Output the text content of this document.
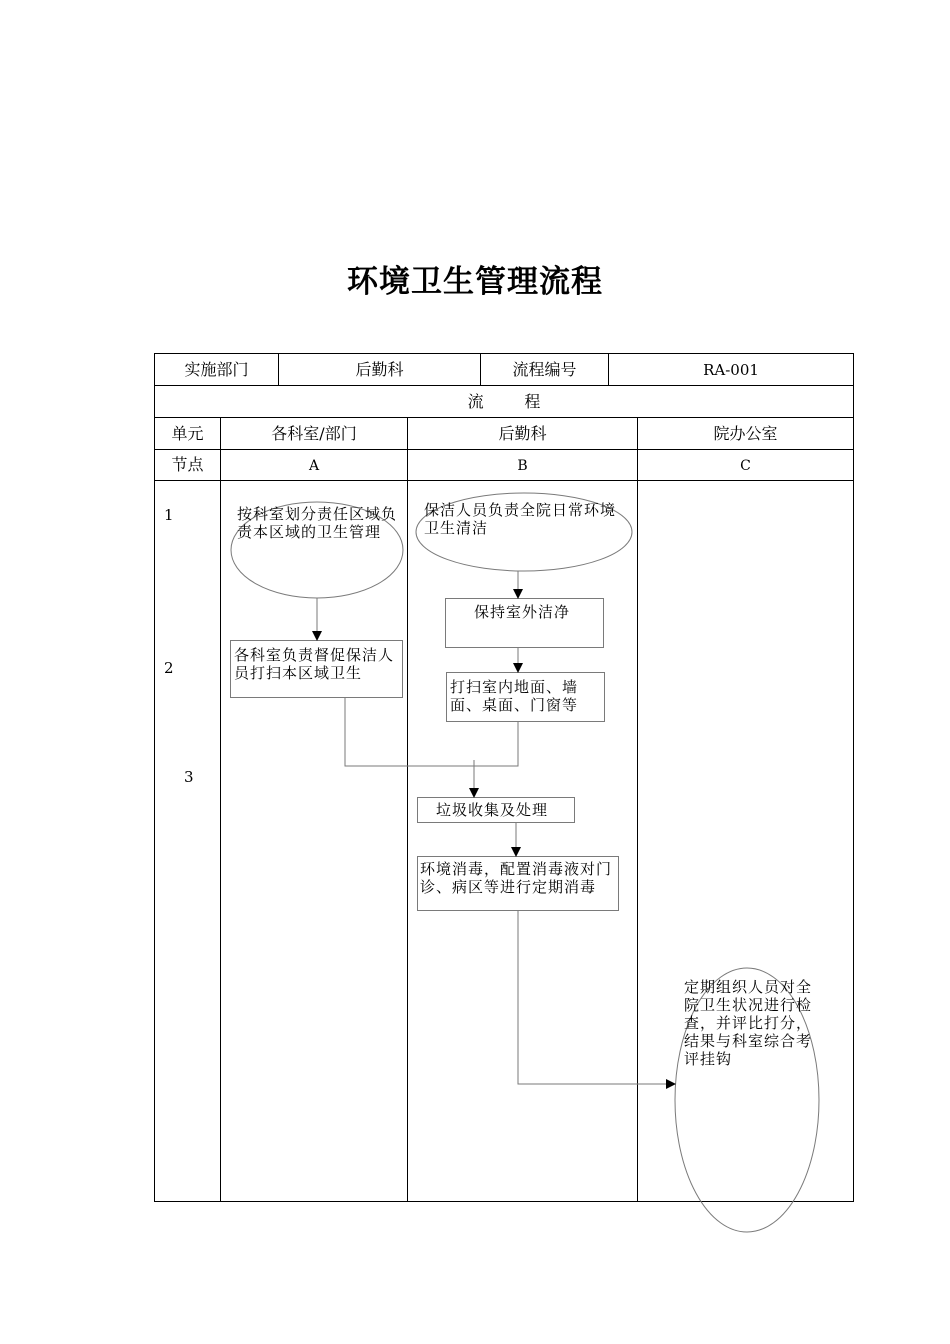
环境卫生管理流程
实施部门	后勤科	流程编号	RA-001
流        程
单元	各科室/部门	后勤科	院办公室
节点	A	B	C
1
2
3
按科室划分责任区域负责本区域的卫生管理
各科室负责督促保洁人员打扫本区域卫生
保洁人员负责全院日常环境卫生清洁
保持室外洁净
打扫室内地面、墙面、桌面、门窗等
垃圾收集及处理
环境消毒，配置消毒液对门诊、病区等进行定期消毒
定期组织人员对全院卫生状况进行检查，并评比打分，结果与科室综合考评挂钩
